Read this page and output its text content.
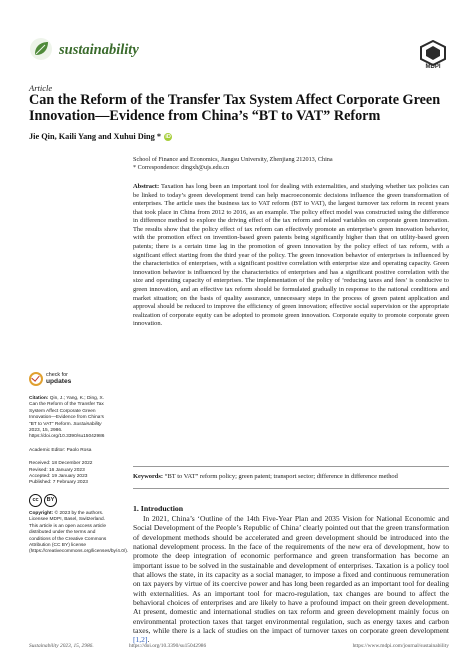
sustainability
MDPI
Article
Can the Reform of the Transfer Tax System Affect Corporate Green Innovation—Evidence from China’s “BT to VAT” Reform
Jie Qin, Kaili Yang and Xuhui Ding * iD
School of Finance and Economics, Jiangsu University, Zhenjiang 212013, China
* Correspondence: dingxh@ujs.edu.cn
Abstract: Taxation has long been an important tool for dealing with externalities, and studying whether tax policies can be linked to today’s green development trend can help macroeconomic decisions influence the green transformation of enterprises. The article uses the business tax to VAT reform (BT to VAT), the largest turnover tax reform in recent years that took place in China from 2012 to 2016, as an example. The policy effect model was constructed using the difference in difference method to explore the driving effect of the tax reform and related variables on corporate green innovation. The results show that the policy effect of tax reform can effectively promote an enterprise’s green innovation behavior, with the promotion effect on invention-based green patents being significantly higher than that on utility-based green patents; there is a certain time lag in the promotion of green innovation by the policy effect of tax reform, with a significant effect starting from the third year of the policy. The green innovation behavior of enterprises is influenced by the characteristics of enterprises, with a significant positive correlation with enterprise size and operating capacity. Green innovation behavior is influenced by the characteristics of enterprises and has a significant positive correlation with the size and operating capacity of enterprises. The implementation of the policy of ‘reducing taxes and fees’ is conducive to green innovation, and an effective tax reform should be formulated gradually in response to the national conditions and market situation; on the basis of quality assurance, unnecessary steps in the process of green patent application and approval should be reduced to improve the efficiency of green innovation; effective social supervision or the appropriate realization of corporate equity can be adopted to promote green innovation. Corporate equity to promote corporate green innovation.
Keywords: “BT to VAT” reform policy; green patent; transport sector; difference in difference method
1. Introduction
In 2021, China’s ‘Outline of the 14th Five-Year Plan and 2035 Vision for National Economic and Social Development of the People’s Republic of China’ clearly pointed out that the green transformation of development methods should be accelerated and green development should be introduced into the national development process. In the face of the requirements of the new era of development, how to promote the deep integration of economic performance and green transformation has become an important issue to be solved in the sustainable and development of enterprises. Taxation is a policy tool that allows the state, in its capacity as a social manager, to impose a fixed and continuous remuneration on tax payers by virtue of its coercive power and has long been regarded as an important tool for dealing with externalities. As an important tool for macro-regulation, tax changes are bound to affect the behavioral choices of enterprises and are likely to have a profound impact on their green development. At present, domestic and international studies on tax reform and green development mainly focus on environmental protection taxes that target environmental regulation, such as energy taxes and carbon taxes, while there is a lack of studies on the impact of turnover taxes on corporate green development [1,2].
check for
updates
Citation: Qin, J.; Yang, K.; Ding, X. Can the Reform of the Transfer Tax System Affect Corporate Green Innovation—Evidence from China’s “BT to VAT” Reform. Sustainability 2023, 15, 2986. https://doi.org/10.3390/su15042986
Academic Editor: Paolo Rosa
Received: 18 December 2022
Revised: 16 January 2023
Accepted: 19 January 2023
Published: 7 February 2023
cc	BY
Copyright: © 2023 by the authors. Licensee MDPI, Basel, Switzerland. This article is an open access article distributed under the terms and conditions of the Creative Commons Attribution (CC BY) license (https://creativecommons.org/licenses/by/4.0/).
Sustainability 2023, 15, 2986.	https://doi.org/10.3390/su15042986	https://www.mdpi.com/journal/sustainability
